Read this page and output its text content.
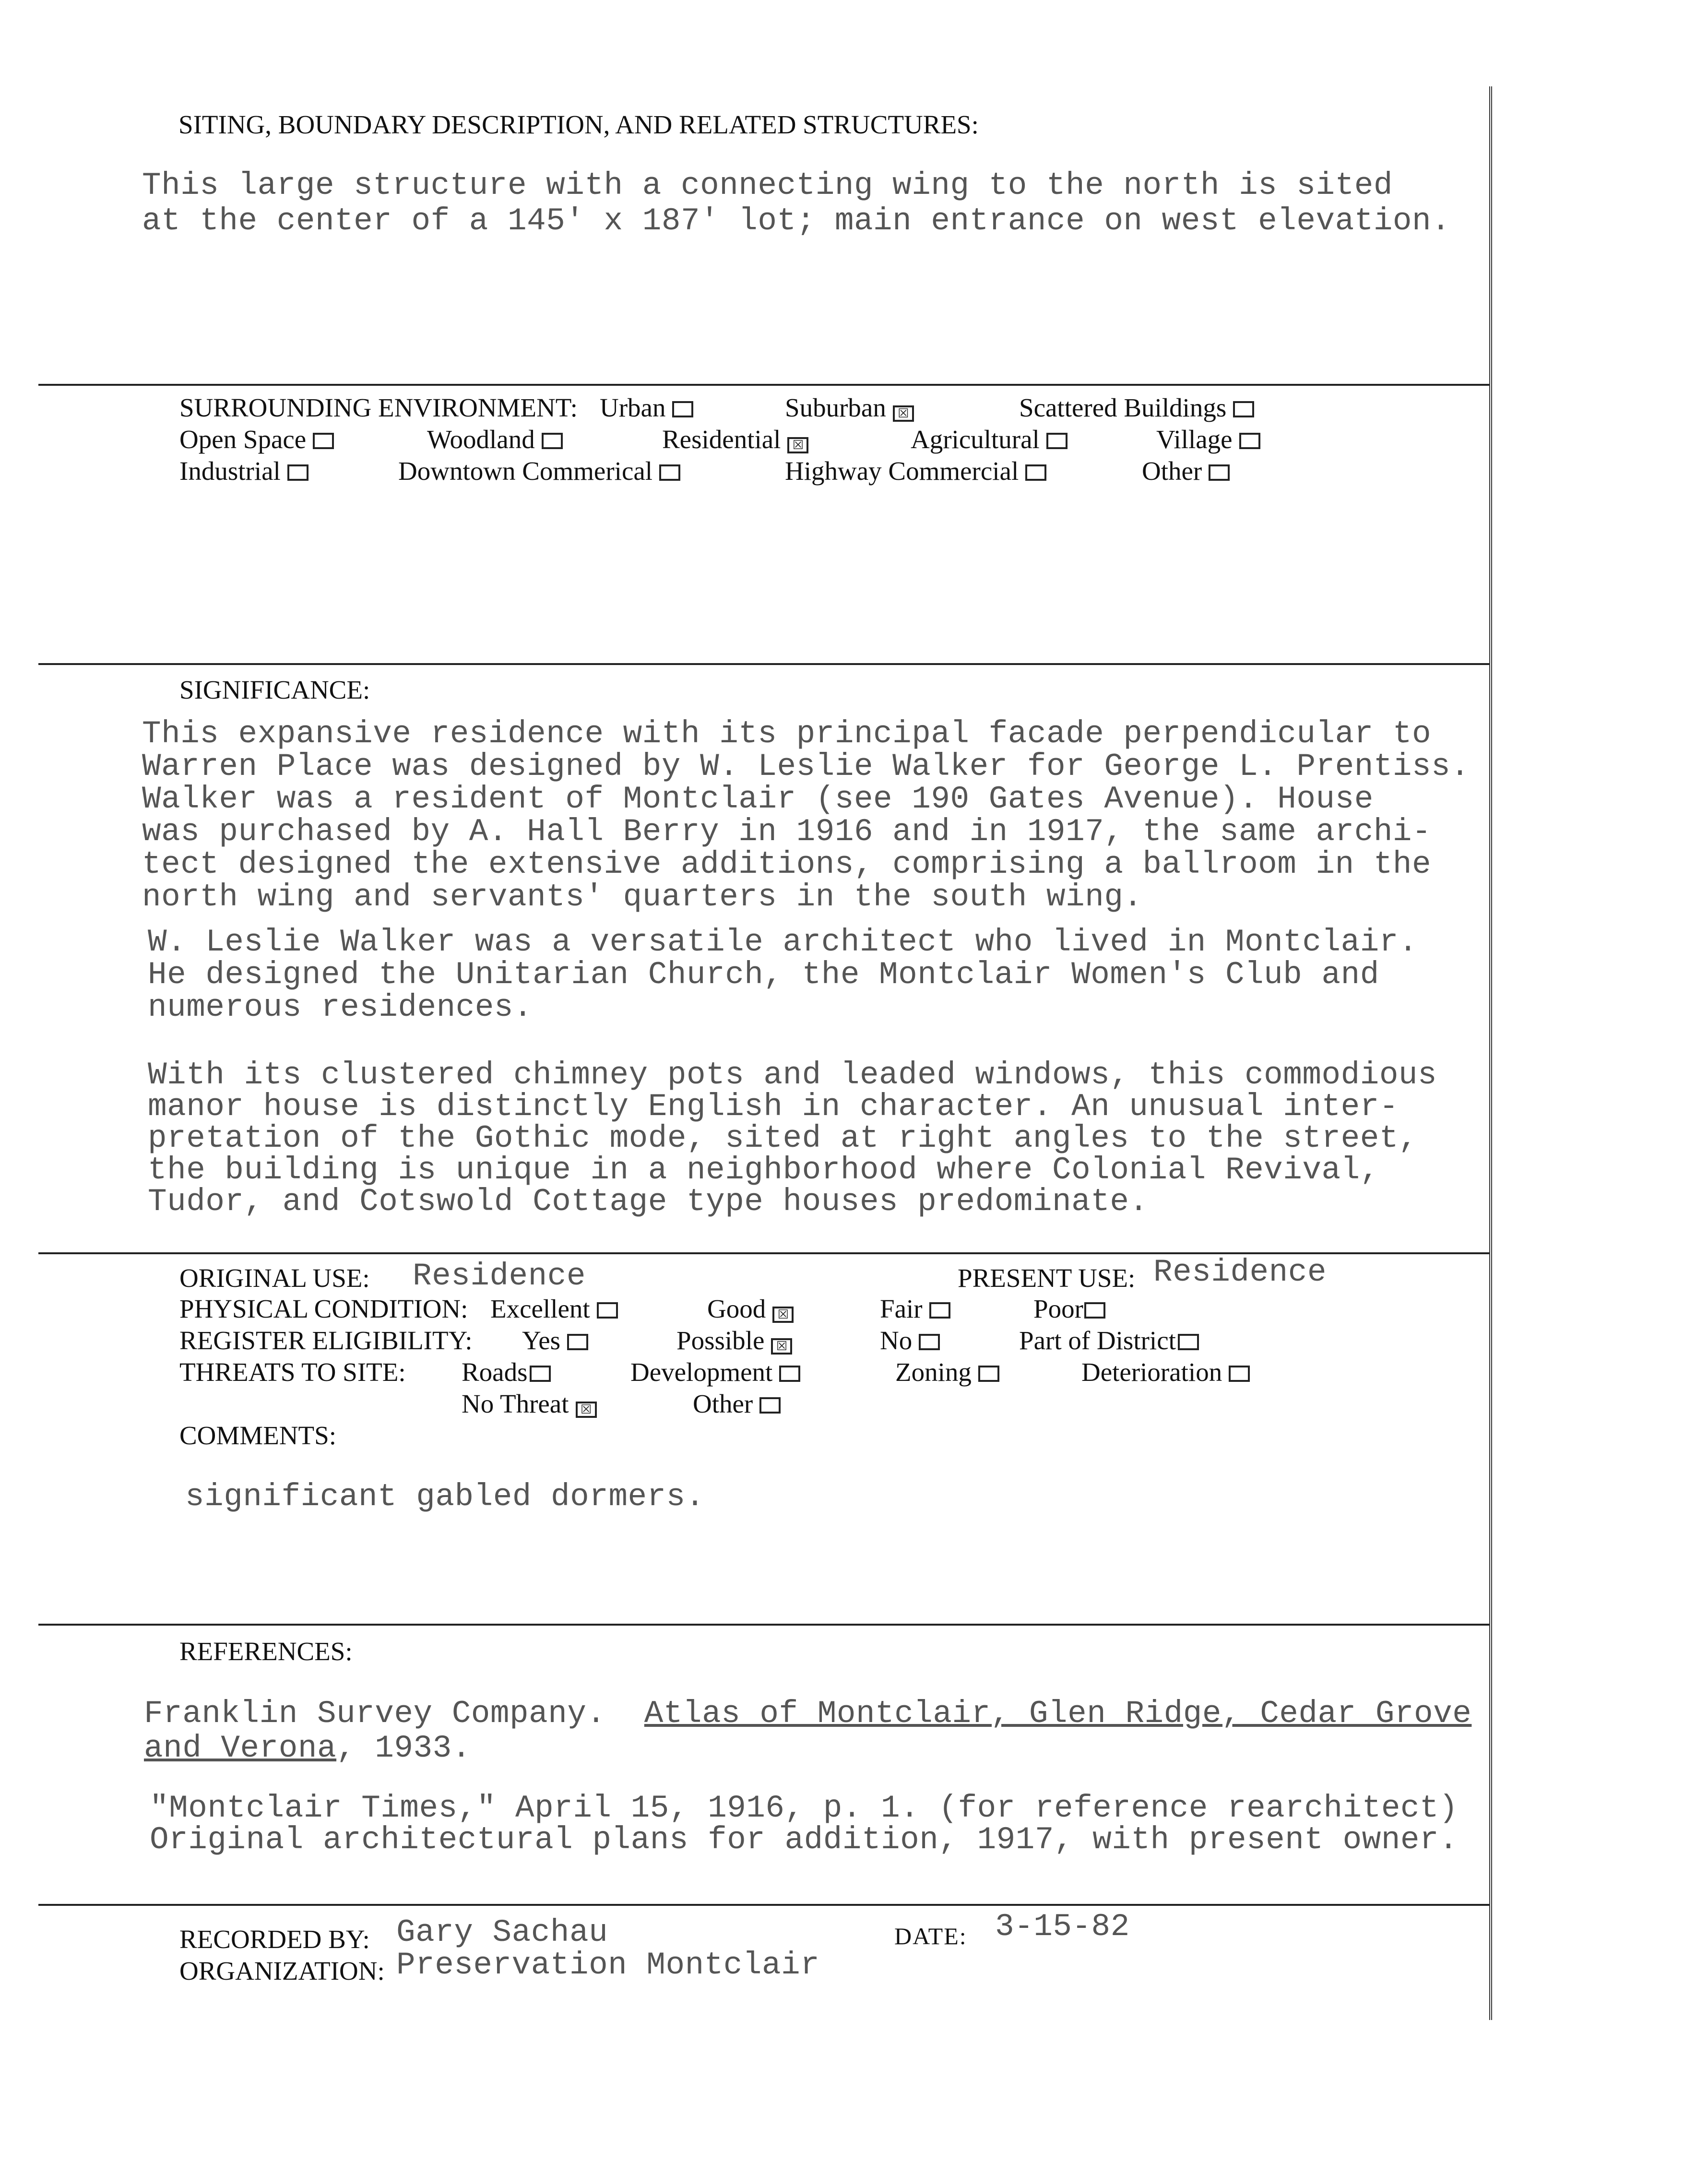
SITING, BOUNDARY DESCRIPTION, AND RELATED STRUCTURES:
This large structure with a connecting wing to the north is sited
at the center of a 145' x 187' lot; main entrance on west elevation.
SURROUNDING ENVIRONMENT: Urban	Suburban ☒	Scattered Buildings
Open Space	Woodland	Residential ☒	Agricultural	Village
Industrial	Downtown Commerical	Highway Commercial	Other
SIGNIFICANCE:
This expansive residence with its principal facade perpendicular to
Warren Place was designed by W. Leslie Walker for George L. Prentiss.
Walker was a resident of Montclair (see 190 Gates Avenue). House
was purchased by A. Hall Berry in 1916 and in 1917, the same archi-
tect designed the extensive additions, comprising a ballroom in the
north wing and servants' quarters in the south wing.
W. Leslie Walker was a versatile architect who lived in Montclair.
He designed the Unitarian Church, the Montclair Women's Club and
numerous residences.
With its clustered chimney pots and leaded windows, this commodious
manor house is distinctly English in character. An unusual inter-
pretation of the Gothic mode, sited at right angles to the street,
the building is unique in a neighborhood where Colonial Revival,
Tudor, and Cotswold Cottage type houses predominate.
ORIGINAL USE: Residence	PRESENT USE: Residence
PHYSICAL CONDITION: Excellent	Good ☒	Fair	Poor
REGISTER ELIGIBILITY: Yes	Possible ☒	No	Part of District
THREATS TO SITE: Roads	Development	Zoning	Deterioration
No Threat ☒	Other
COMMENTS:
significant gabled dormers.
REFERENCES:
Franklin Survey Company.  Atlas of Montclair, Glen Ridge, Cedar Grove
and Verona, 1933.
"Montclair Times," April 15, 1916, p. 1. (for reference rearchitect)
Original architectural plans for addition, 1917, with present owner.
RECORDED BY: Gary Sachau	DATE: 3-15-82
ORGANIZATION: Preservation Montclair
